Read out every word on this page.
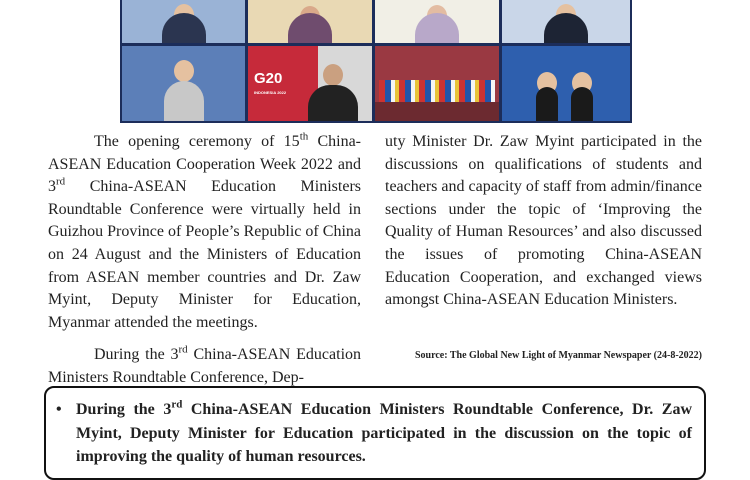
G20
INDONESIA 2022

The opening ceremony of 15th China-ASEAN Education Cooperation Week 2022 and 3rd China-ASEAN Education Ministers Roundtable Conference were virtually held in Guizhou Province of People’s Republic of China on 24 August and the Ministers of Education from ASEAN member countries and Dr. Zaw Myint, Deputy Minister for Education, Myanmar attended the meetings.

During the 3rd China-ASEAN Education Ministers Roundtable Conference, Dep-

uty Minister Dr. Zaw Myint participated in the discussions on qualifications of students and teachers and capacity of staff from admin/finance sections under the topic of ‘Improving the Quality of Human Resources’ and also discussed the issues of promoting China-ASEAN Education Cooperation, and exchanged views amongst China-ASEAN Education Ministers.

Source: The Global New Light of Myanmar Newspaper (24-8-2022)
• During the 3rd China-ASEAN Education Ministers Roundtable Conference, Dr. Zaw Myint, Deputy Minister for Education participated in the discussion on the topic of improving the quality of human resources.
